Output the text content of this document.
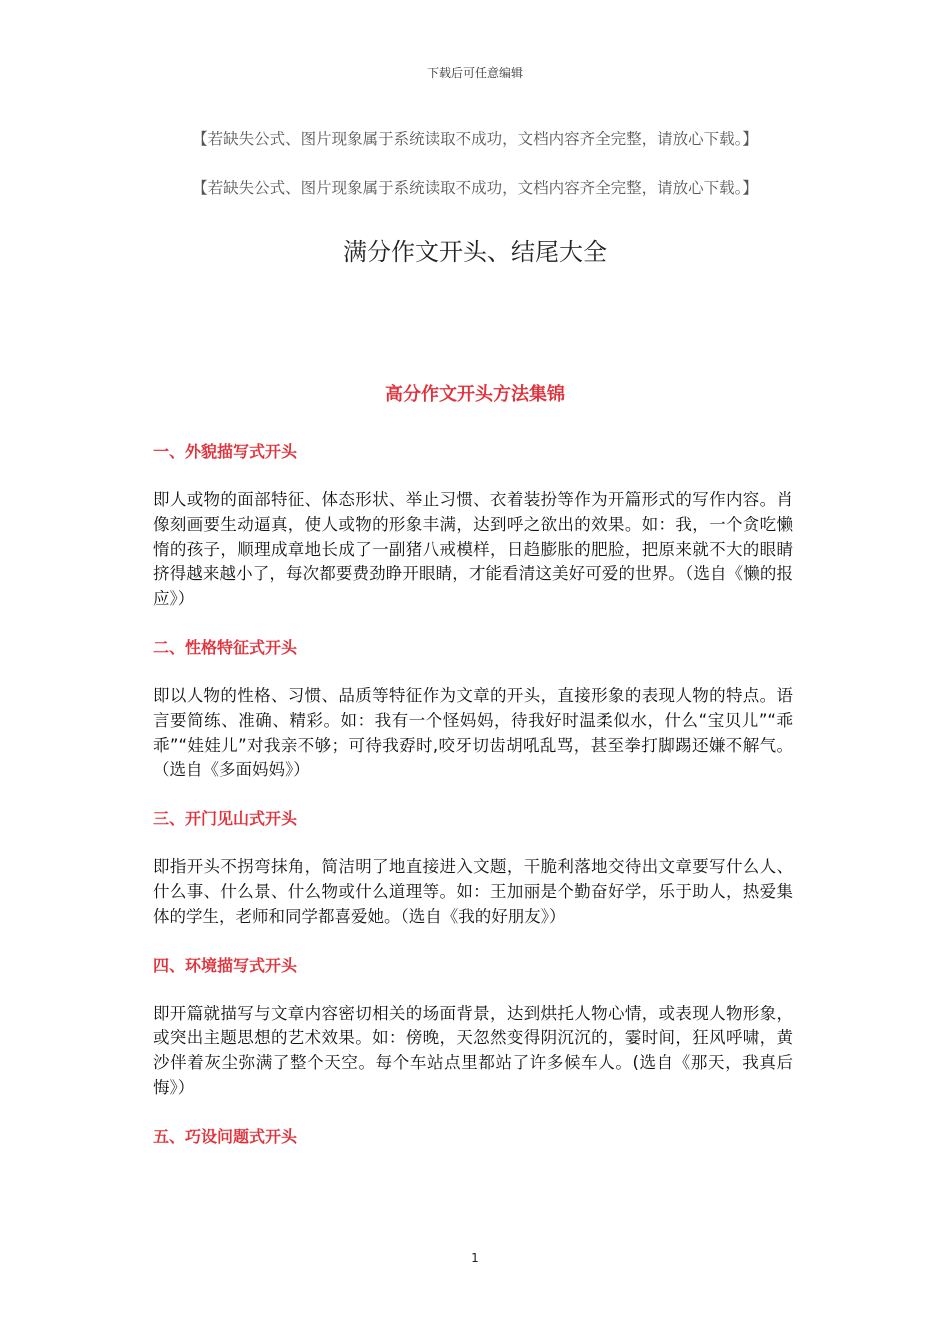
下载后可任意编辑
【若缺失公式、图片现象属于系统读取不成功，文档内容齐全完整，请放心下载。】
【若缺失公式、图片现象属于系统读取不成功，文档内容齐全完整，请放心下载。】
满分作文开头、结尾大全
高分作文开头方法集锦
一、外貌描写式开头
即人或物的面部特征、体态形状、举止习惯、衣着装扮等作为开篇形式的写作内容。肖像刻画要生动逼真，使人或物的形象丰满，达到呼之欲出的效果。如：我，一个贪吃懒惰的孩子，顺理成章地长成了一副猪八戒模样，日趋膨胀的肥脸，把原来就不大的眼睛挤得越来越小了，每次都要费劲睁开眼睛，才能看清这美好可爱的世界。（选自《懒的报应》）
二、性格特征式开头
即以人物的性格、习惯、品质等特征作为文章的开头，直接形象的表现人物的特点。语言要简练、准确、精彩。如：我有一个怪妈妈，待我好时温柔似水，什么“宝贝儿”“乖乖”“娃娃儿”对我亲不够；可待我孬时,咬牙切齿胡吼乱骂，甚至拳打脚踢还嫌不解气。（选自《多面妈妈》）
三、开门见山式开头
即指开头不拐弯抹角，简洁明了地直接进入文题，干脆利落地交待出文章要写什么人、什么事、什么景、什么物或什么道理等。如：王加丽是个勤奋好学，乐于助人，热爱集体的学生，老师和同学都喜爱她。（选自《我的好朋友》）
四、环境描写式开头
即开篇就描写与文章内容密切相关的场面背景，达到烘托人物心情，或表现人物形象，或突出主题思想的艺术效果。如：傍晚，天忽然变得阴沉沉的，霎时间，狂风呼啸，黄沙伴着灰尘弥满了整个天空。每个车站点里都站了许多候车人。(选自《那天，我真后悔》）
五、巧设问题式开头
1
